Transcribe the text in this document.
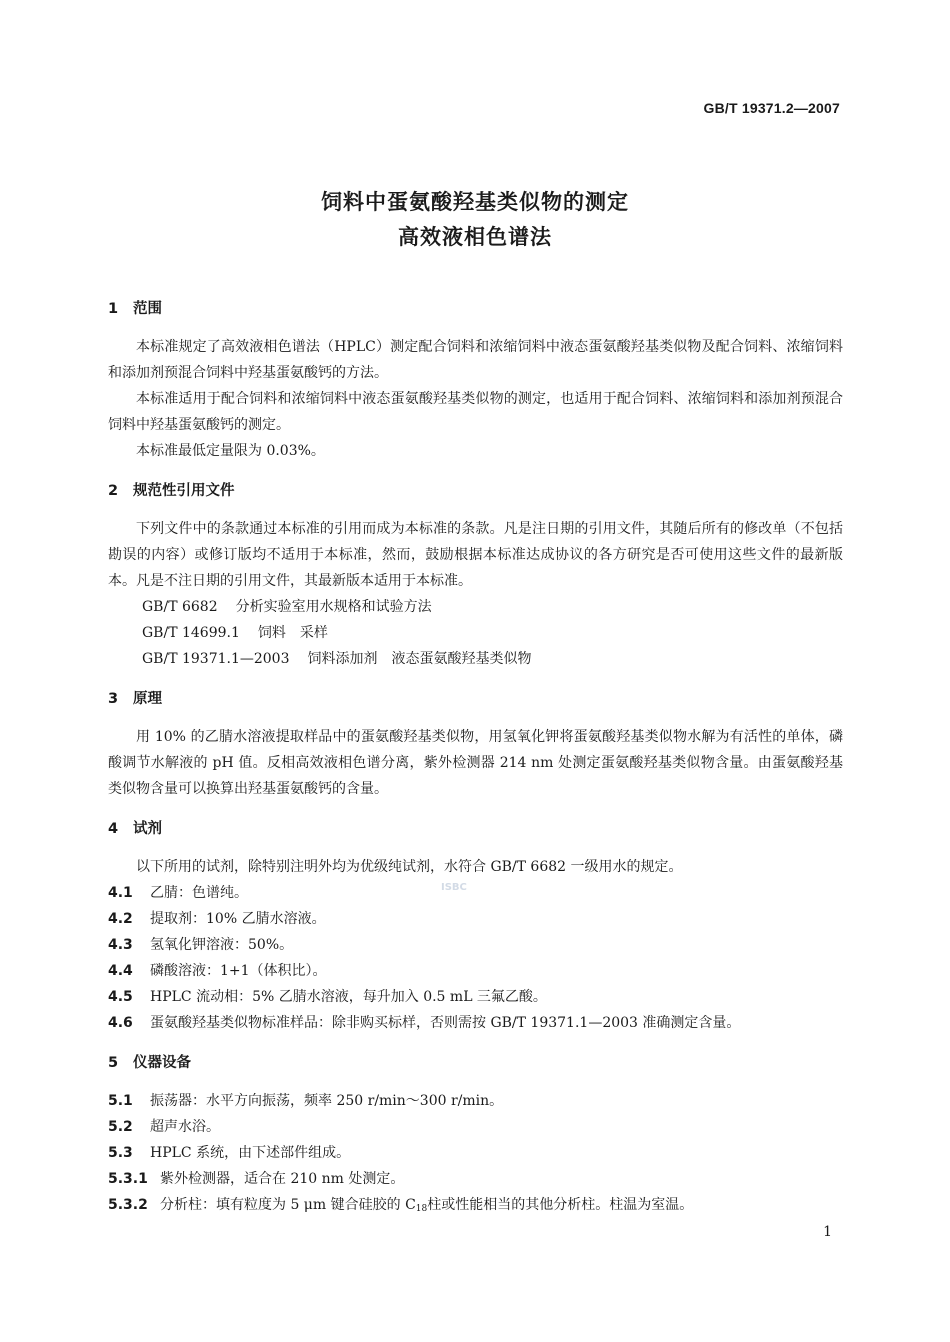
GB/T 19371.2—2007
饲料中蛋氨酸羟基类似物的测定
高效液相色谱法
ISBC
1 范围

本标准规定了高效液相色谱法（HPLC）测定配合饲料和浓缩饲料中液态蛋氨酸羟基类似物及配合饲料、浓缩饲料和添加剂预混合饲料中羟基蛋氨酸钙的方法。

本标准适用于配合饲料和浓缩饲料中液态蛋氨酸羟基类似物的测定，也适用于配合饲料、浓缩饲料和添加剂预混合饲料中羟基蛋氨酸钙的测定。

本标准最低定量限为 0.03%。

2 规范性引用文件

下列文件中的条款通过本标准的引用而成为本标准的条款。凡是注日期的引用文件，其随后所有的修改单（不包括勘误的内容）或修订版均不适用于本标准，然而，鼓励根据本标准达成协议的各方研究是否可使用这些文件的最新版本。凡是不注日期的引用文件，其最新版本适用于本标准。

GB/T 6682 分析实验室用水规格和试验方法
GB/T 14699.1 饲料　采样
GB/T 19371.1—2003 饲料添加剂　液态蛋氨酸羟基类似物
3 原理

用 10% 的乙腈水溶液提取样品中的蛋氨酸羟基类似物，用氢氧化钾将蛋氨酸羟基类似物水解为有活性的单体，磷酸调节水解液的 pH 值。反相高效液相色谱分离，紫外检测器 214 nm 处测定蛋氨酸羟基类似物含量。由蛋氨酸羟基类似物含量可以换算出羟基蛋氨酸钙的含量。

4 试剂

以下所用的试剂，除特别注明外均为优级纯试剂，水符合 GB/T 6682 一级用水的规定。

4.1 乙腈：色谱纯。
4.2 提取剂：10% 乙腈水溶液。
4.3 氢氧化钾溶液：50%。
4.4 磷酸溶液：1+1（体积比）。
4.5 HPLC 流动相：5% 乙腈水溶液，每升加入 0.5 mL 三氟乙酸。
4.6 蛋氨酸羟基类似物标准样品：除非购买标样，否则需按 GB/T 19371.1—2003 准确测定含量。
5 仪器设备
5.1 振荡器：水平方向振荡，频率 250 r/min～300 r/min。
5.2 超声水浴。
5.3 HPLC 系统，由下述部件组成。
5.3.1 紫外检测器，适合在 210 nm 处测定。
5.3.2 分析柱：填有粒度为 5 μm 键合硅胶的 $C_{18}$柱或性能相当的其他分析柱。柱温为室温。
1
